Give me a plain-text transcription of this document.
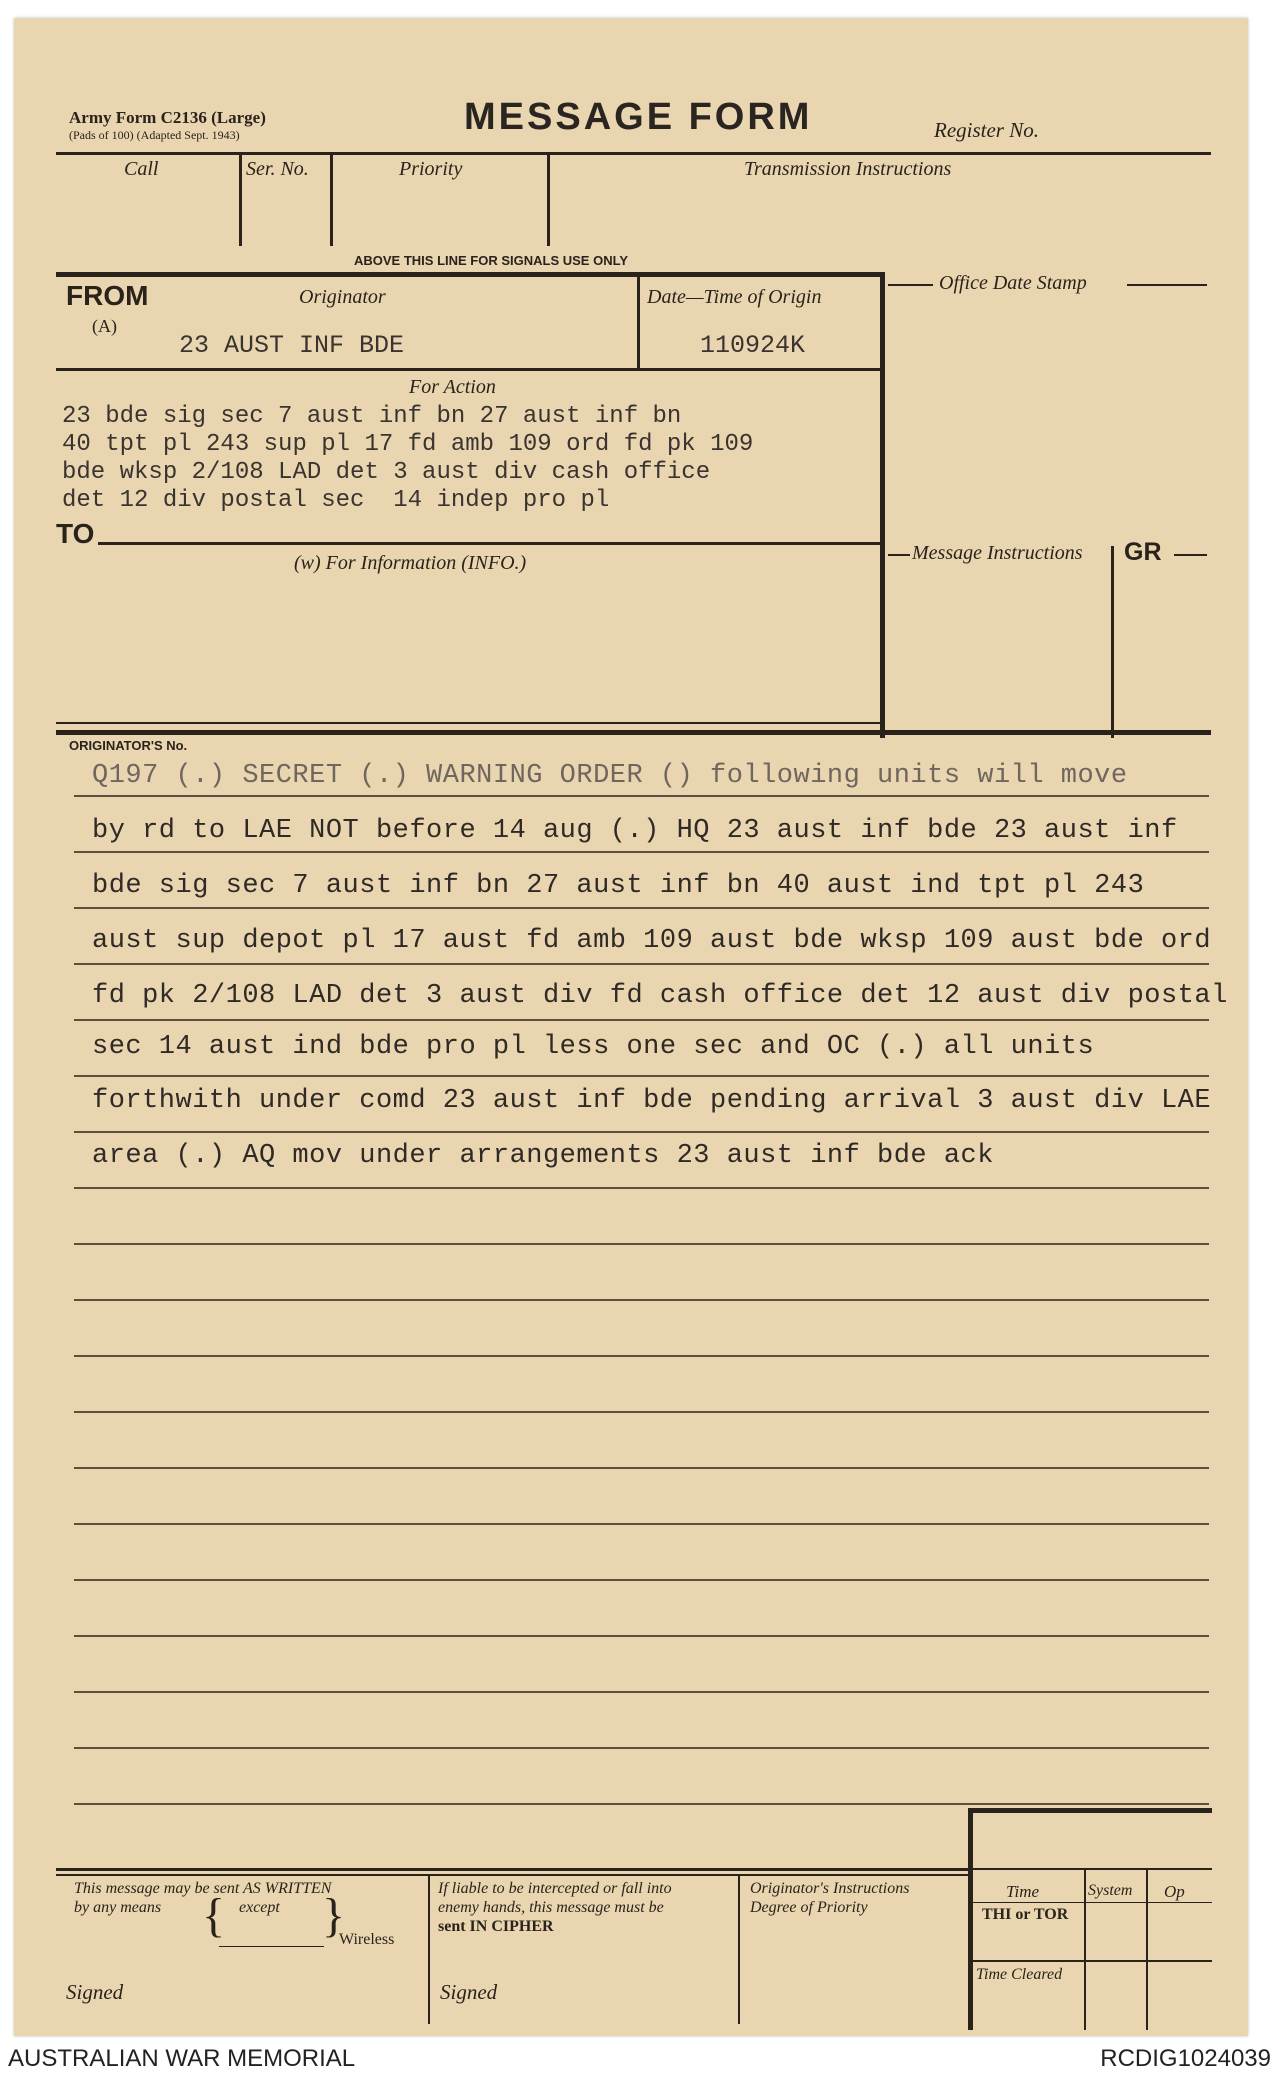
Army Form C2136 (Large)
(Pads of 100) (Adapted Sept. 1943)	MESSAGE FORM	Register No.
Call	Ser. No.	Priority	Transmission Instructions
ABOVE THIS LINE FOR SIGNALS USE ONLY
FROM
(A)
Originator
23 AUST INF BDE
Date—Time of Origin
110924K
Office Date Stamp
For Action
23 bde sig sec 7 aust inf bn 27 aust inf bn
40 tpt pl 243 sup pl 17 fd amb 109 ord fd pk 109
bde wksp 2/108 LAD det 3 aust div cash office
det 12 div postal sec  14 indep pro pl
TO
(w) For Information (INFO.)	Message Instructions GR
ORIGINATOR'S No.
Q197 (.) SECRET (.) WARNING ORDER () following units will move
by rd to LAE NOT before 14 aug (.) HQ 23 aust inf bde 23 aust inf
bde sig sec 7 aust inf bn 27 aust inf bn 40 aust ind tpt pl 243
aust sup depot pl 17 aust fd amb 109 aust bde wksp 109 aust bde ord
fd pk 2/108 LAD det 3 aust div fd cash office det 12 aust div postal
sec 14 aust ind bde pro pl less one sec and OC (.) all units
forthwith under comd 23 aust inf bde pending arrival 3 aust div LAE
area (.) AQ mov under arrangements 23 aust inf bde ack
This message may be sent AS WRITTEN
by any means { except }
Wireless
Signed
If liable to be intercepted or fall into
enemy hands, this message must be
sent IN CIPHER
Signed
Originator's Instructions
Degree of Priority
Time	System Op
THI or TOR
Time Cleared
AUSTRALIAN WAR MEMORIAL	RCDIG1024039
